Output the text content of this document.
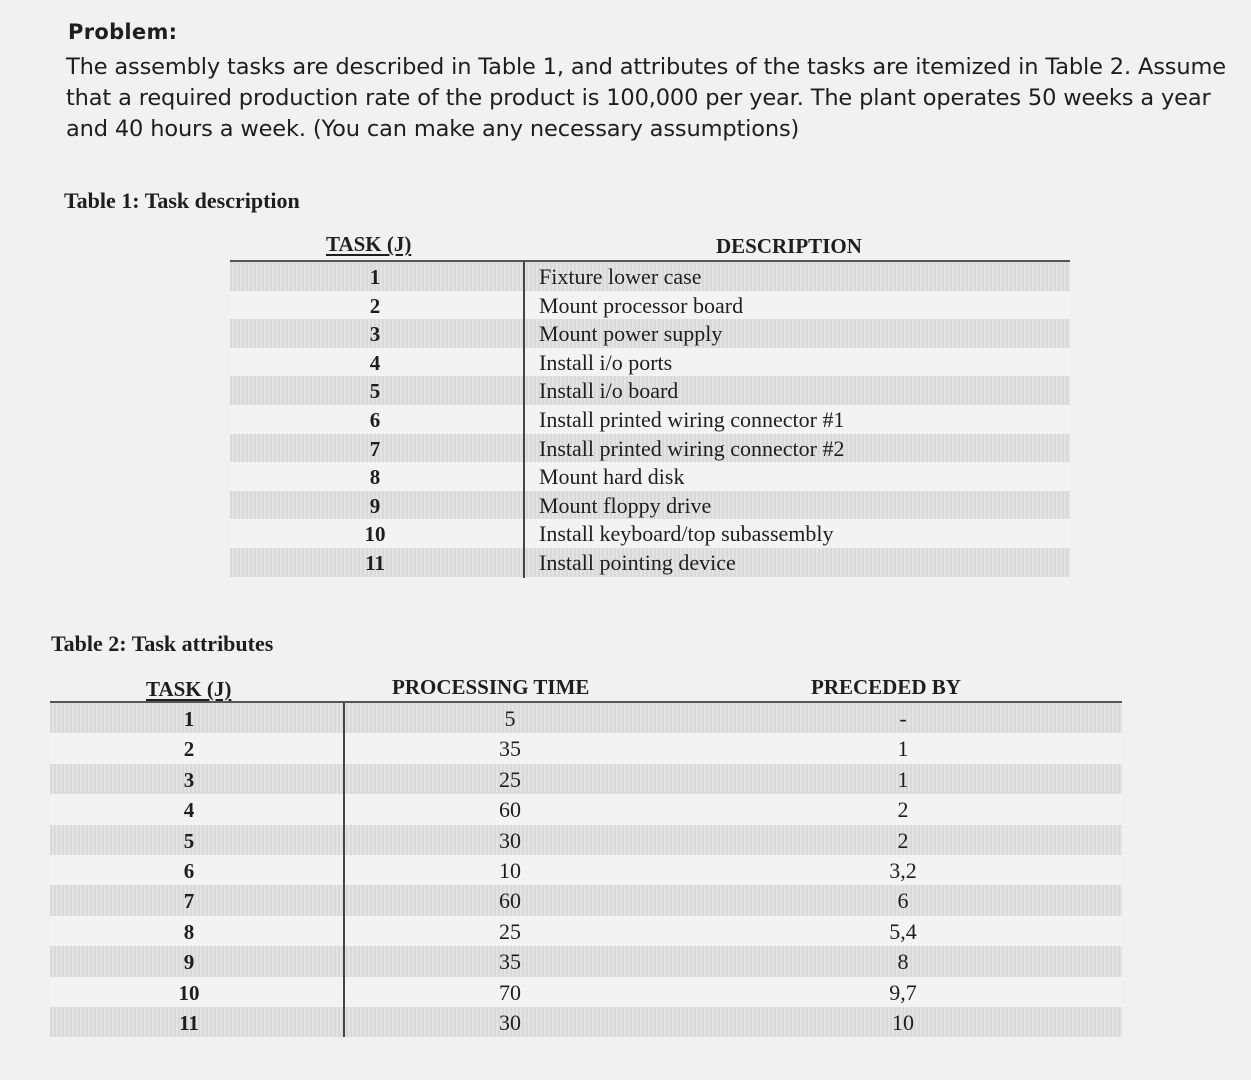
Problem:

The assembly tasks are described in Table 1, and attributes of the tasks are itemized in Table 2. Assume that a required production rate of the product is 100,000 per year. The plant operates 50 weeks a year and 40 hours a week. (You can make any necessary assumptions)

Table 1: Task description
TASK (J)	DESCRIPTION
1	Fixture lower case
2	Mount processor board
3	Mount power supply
4	Install i/o ports
5	Install i/o board
6	Install printed wiring connector #1
7	Install printed wiring connector #2
8	Mount hard disk
9	Mount floppy drive
10	Install keyboard/top subassembly
11	Install pointing device
Table 2: Task attributes
TASK (J)	PROCESSING TIME	PRECEDED BY
1	5	-
2	35	1
3	25	1
4	60	2
5	30	2
6	10	3,2
7	60	6
8	25	5,4
9	35	8
10	70	9,7
11	30	10
